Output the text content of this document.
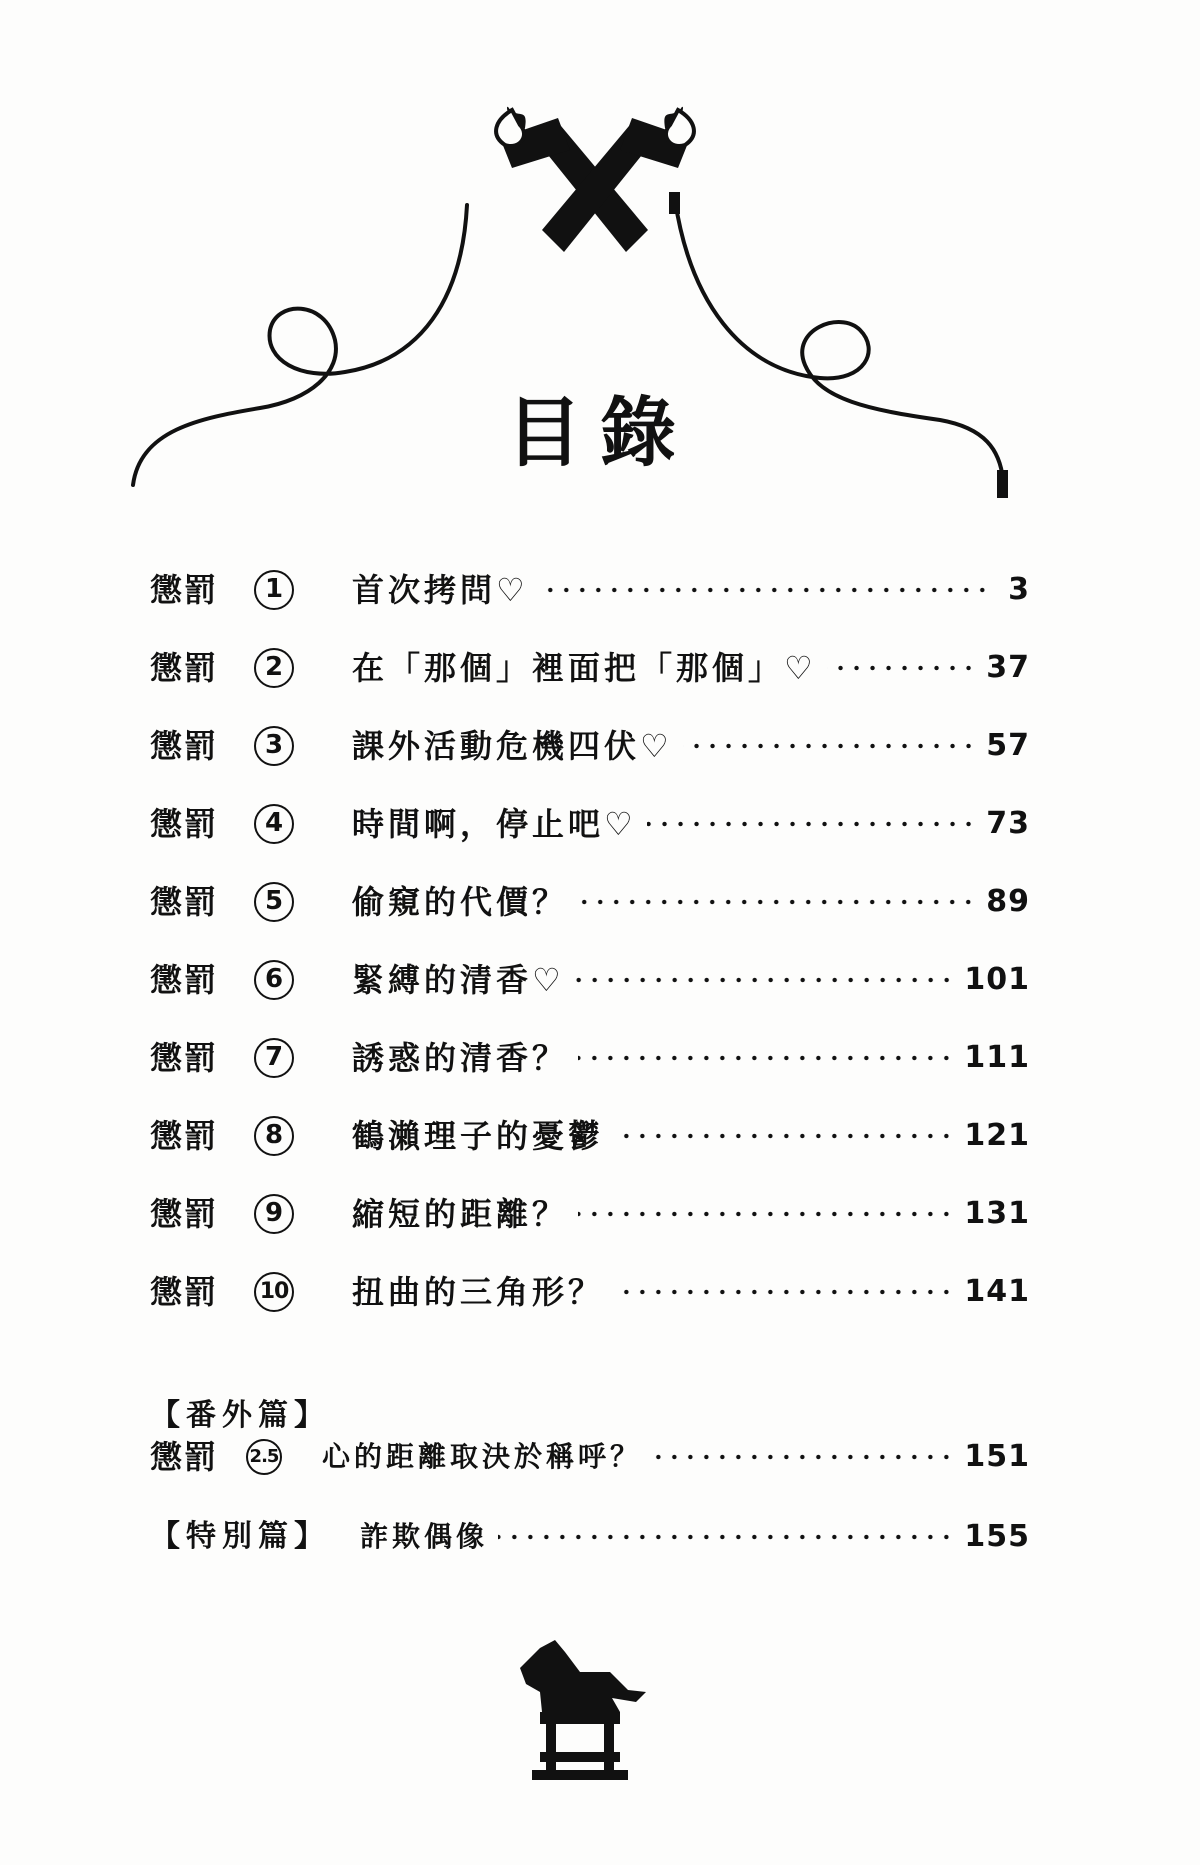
目錄
懲罰	1	首次拷問♡	3
懲罰	2	在「那個」裡面把「那個」♡	37
懲罰	3	課外活動危機四伏♡	57
懲罰	4	時間啊，停止吧♡	73
懲罰	5	偷窺的代價？	89
懲罰	6	緊縛的清香♡	101
懲罰	7	誘惑的清香？	111
懲罰	8	鶴瀨理子的憂鬱	121
懲罰	9	縮短的距離？	131
懲罰	10 扭曲的三角形？	141
【番外篇】
懲罰	2.5 心的距離取決於稱呼？	151
【特別篇】	詐欺偶像	155
